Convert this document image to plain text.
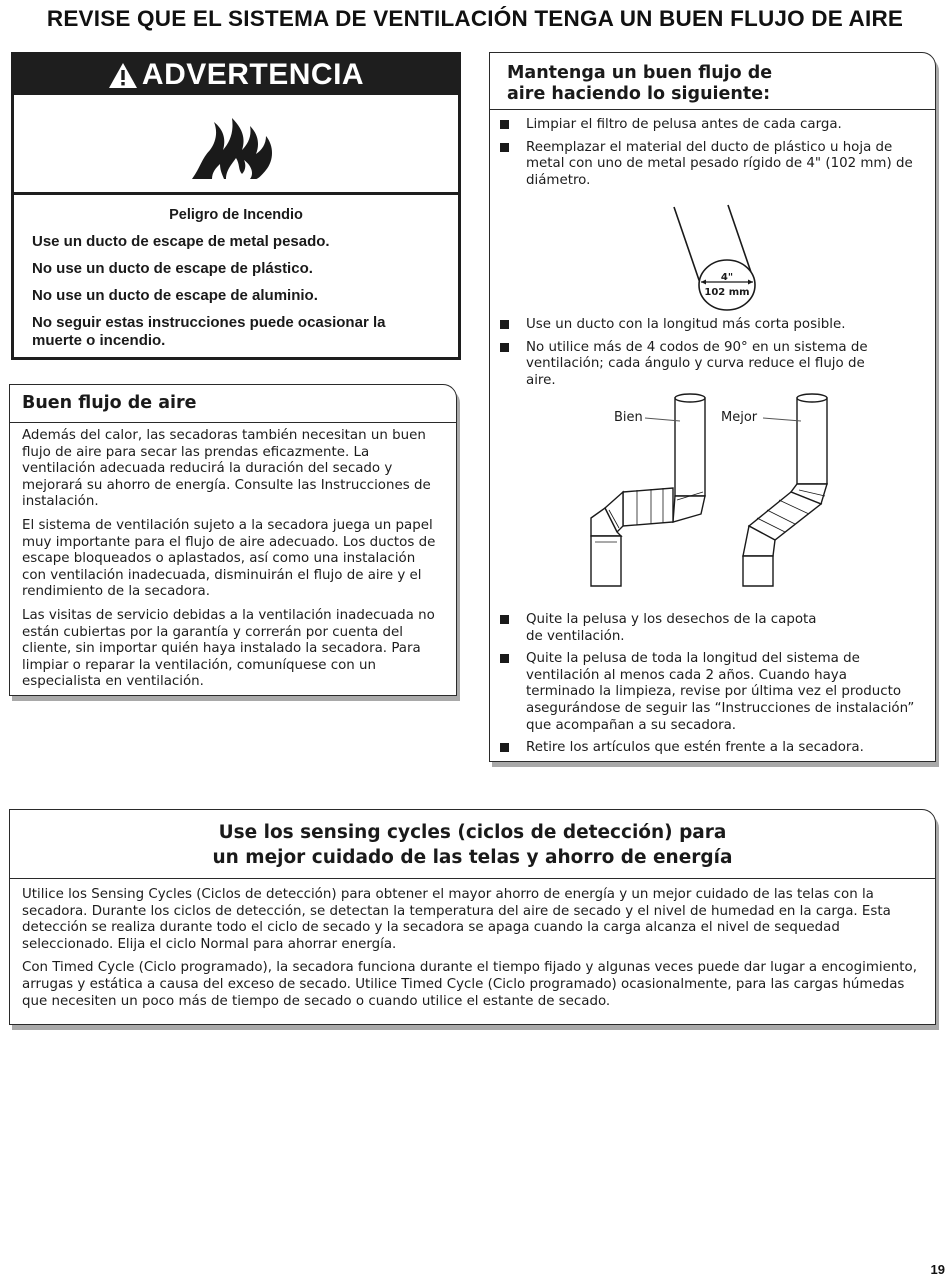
REVISE QUE EL SISTEMA DE VENTILACIÓN TENGA UN BUEN FLUJO DE AIRE
ADVERTENCIA
Peligro de Incendio
Use un ducto de escape de metal pesado.
No use un ducto de escape de plástico.
No use un ducto de escape de aluminio.
No seguir estas instrucciones puede ocasionar la muerte o incendio.
Buen flujo de aire

Además del calor, las secadoras también necesitan un buen flujo de aire para secar las prendas eficazmente. La ventilación adecuada reducirá la duración del secado y mejorará su ahorro de energía. Consulte las Instrucciones de instalación.

El sistema de ventilación sujeto a la secadora juega un papel muy importante para el flujo de aire adecuado. Los ductos de escape bloqueados o aplastados, así como una instalación con ventilación inadecuada, disminuirán el flujo de aire y el rendimiento de la secadora.

Las visitas de servicio debidas a la ventilación inadecuada no están cubiertas por la garantía y correrán por cuenta del cliente, sin importar quién haya instalado la secadora. Para limpiar o reparar la ventilación, comuníquese con un especialista en ventilación.

Mantenga un buen flujo de aire haciendo lo siguiente:
Limpiar el filtro de pelusa antes de cada carga.
Reemplazar el material del ducto de plástico u hoja de metal con uno de metal pesado rígido de 4" (102 mm) de diámetro.
4"
102 mm
Use un ducto con la longitud más corta posible.
No utilice más de 4 codos de 90° en un sistema de ventilación; cada ángulo y curva reduce el flujo de aire.
Bien	Mejor
Quite la pelusa y los desechos de la capota de ventilación.
Quite la pelusa de toda la longitud del sistema de ventilación al menos cada 2 años. Cuando haya terminado la limpieza, revise por última vez el producto asegurándose de seguir las “Instrucciones de instalación” que acompañan a su secadora.
Retire los artículos que estén frente a la secadora.
Use los sensing cycles (ciclos de detección) para
un mejor cuidado de las telas y ahorro de energía

Utilice los Sensing Cycles (Ciclos de detección) para obtener el mayor ahorro de energía y un mejor cuidado de las telas con la secadora. Durante los ciclos de detección, se detectan la temperatura del aire de secado y el nivel de humedad en la carga. Esta detección se realiza durante todo el ciclo de secado y la secadora se apaga cuando la carga alcanza el nivel de sequedad seleccionado. Elija el ciclo Normal para ahorrar energía.

Con Timed Cycle (Ciclo programado), la secadora funciona durante el tiempo fijado y algunas veces puede dar lugar a encogimiento, arrugas y estática a causa del exceso de secado. Utilice Timed Cycle (Ciclo programado) ocasionalmente, para las cargas húmedas que necesiten un poco más de tiempo de secado o cuando utilice el estante de secado.

19
